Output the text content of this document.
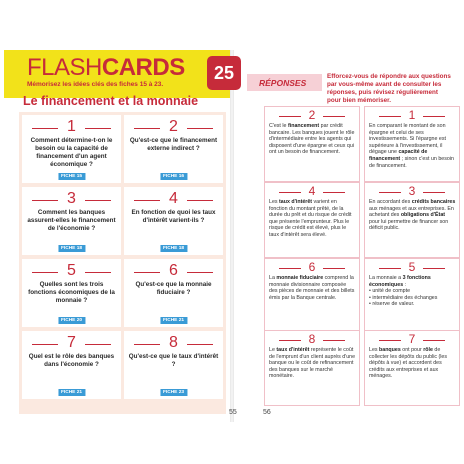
FLASHCARDS
Mémorisez les idées clés des fiches 15 à 23.
25
Le financement et la monnaie
1
Comment détermine-t-on le besoin ou la capacité de financement d'un agent économique ?
FICHE 15
2
Qu'est-ce que le financement externe indirect ?
FICHE 16
3
Comment les banques assurent-elles le financement de l'économie ?
FICHE 18
4
En fonction de quoi les taux d'intérêt varient-ils ?
FICHE 18
5
Quelles sont les trois fonctions économiques de la monnaie ?
FICHE 20
6
Qu'est-ce que la monnaie fiduciaire ?
FICHE 21
7
Quel est le rôle des banques dans l'économie ?
FICHE 21
8
Qu'est-ce que le taux d'intérêt ?
FICHE 23
RÉPONSES
Efforcez-vous de répondre aux questions par vous-même avant de consulter les réponses, puis révisez régulièrement pour bien mémoriser.
1
En comparant le montant de son épargne et celui de ses investissements. Si l'épargne est supérieure à l'investissement, il dégage une capacité de financement ; sinon c'est un besoin de financement.
2
C'est le financement par crédit bancaire. Les banques jouent le rôle d'intermédiaire entre les agents qui disposent d'une épargne et ceux qui ont un besoin de financement.
3
En accordant des crédits bancaires aux ménages et aux entreprises. En achetant des obligations d'État pour lui permettre de financer son déficit public.
4
Les taux d'intérêt varient en fonction du montant prêté, de la durée du prêt et du risque de crédit que présente l'emprunteur. Plus le risque de crédit est élevé, plus le taux d'intérêt sera élevé.
5
La monnaie a 3 fonctions économiques :
• unité de compte
• intermédiaire des échanges
• réserve de valeur.
6
La monnaie fiduciaire comprend la monnaie divisionnaire composée des pièces de monnaie et des billets émis par la Banque centrale.
7
Les banques ont pour rôle de collecter les dépôts du public (les dépôts à vue) et accordent des crédits aux entreprises et aux ménages.
8
Le taux d'intérêt représente le coût de l'emprunt d'un client auprès d'une banque ou le coût de refinancement des banques sur le marché monétaire.
55	56
